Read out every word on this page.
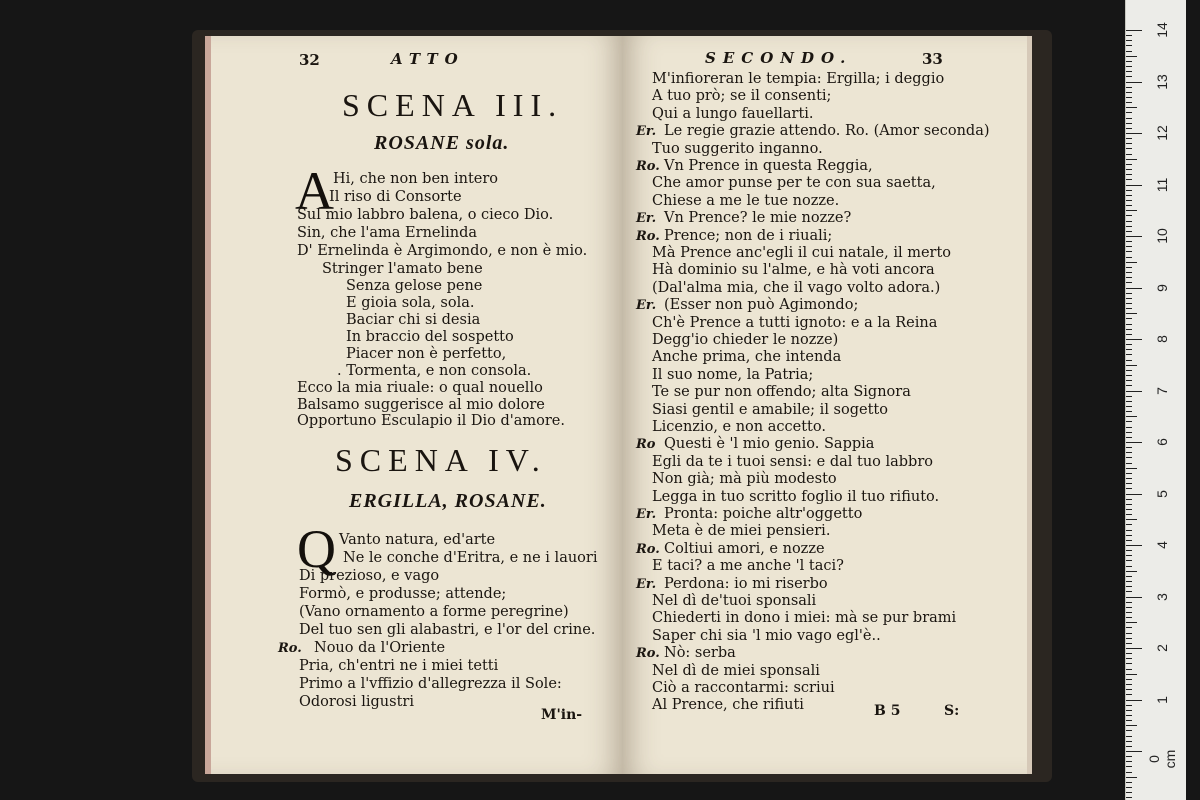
32	ATTO
SCENA III.
ROSANE sola.
A Hi, che non ben intero
Il riso di Consorte
Sul mio labbro balena, o cieco Dio.
Sin, che l'ama Ernelinda
D' Ernelinda è Argimondo, e non è mio.
Stringer l'amato bene
Senza gelose pene
E gioia sola, sola.
Baciar chi si desia
In braccio del sospetto
Piacer non è perfetto,
. Tormenta, e non consola.
Ecco la mia riuale: o qual nouello
Balsamo suggerisce al mio dolore
Opportuno Esculapio il Dio d'amore.
SCENA IV.
ERGILLA, ROSANE.
Q Vanto natura, ed'arte
Ne le conche d'Eritra, e ne i lauori
Di prezioso, e vago
Formò, e produsse; attende;
(Vano ornamento a forme peregrine)
Del tuo sen gli alabastri, e l'or del crine.
Ro. Nouo da l'Oriente
Pria, ch'entri ne i miei tetti
Primo a l'vffizio d'allegrezza il Sole:
Odorosi ligustri
M'in-
SECONDO.	33
M'infioreran le tempia: Ergilla; i deggio
A tuo prò; se il consenti;
Qui a lungo fauellarti.
Er. Le regie grazie attendo. Ro. (Amor seconda)
Tuo suggerito inganno.
Ro. Vn Prence in questa Reggia,
Che amor punse per te con sua saetta,
Chiese a me le tue nozze.
Er. Vn Prence? le mie nozze?
Ro. Prence; non de i riuali;
Mà Prence anc'egli il cui natale, il merto
Hà dominio su l'alme, e hà voti ancora
(Dal'alma mia, che il vago volto adora.)
Er. (Esser non può Agimondo;
Ch'è Prence a tutti ignoto: e a la Reina
Degg'io chieder le nozze)
Anche prima, che intenda
Il suo nome, la Patria;
Te se pur non offendo; alta Signora
Siasi gentil e amabile; il sogetto
Licenzio, e non accetto.
Ro Questi è 'l mio genio. Sappia
Egli da te i tuoi sensi: e dal tuo labbro
Non già; mà più modesto
Legga in tuo scritto foglio il tuo rifiuto.
Er. Pronta: poiche altr'oggetto
Meta è de miei pensieri.
Ro. Coltiui amori, e nozze
E taci? a me anche 'l taci?
Er. Perdona: io mi riserbo
Nel dì de'tuoi sponsali
Chiederti in dono i miei: mà se pur brami
Saper chi sia 'l mio vago egl'è..
Ro. Nò: serba
Nel dì de miei sponsali
Ciò a raccontarmi: scriui
Al Prence, che rifiuti	B 5	S:
14
13
12
11
10
9
8
7
6
5
4
3
2
1
0 cm
